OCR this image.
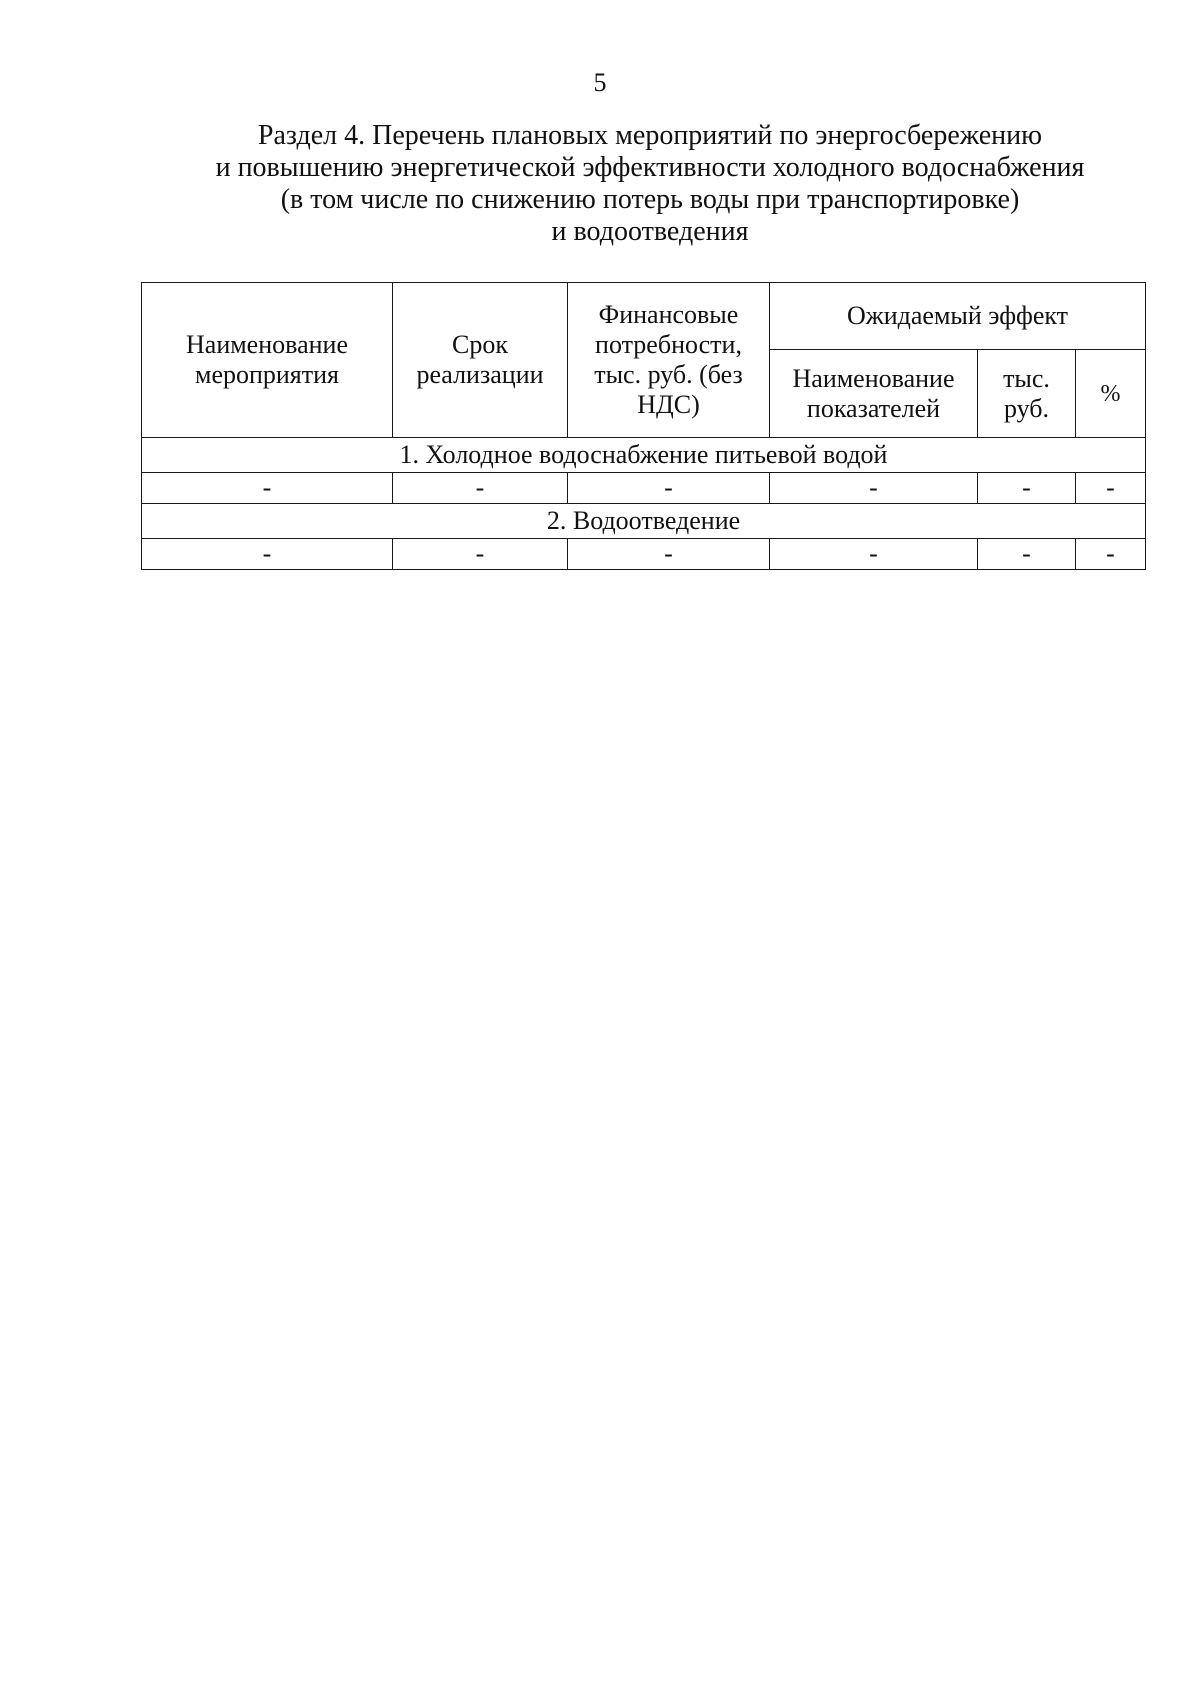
5
Раздел 4. Перечень плановых мероприятий по энергосбережению
и повышению энергетической эффективности холодного водоснабжения
(в том числе по снижению потерь воды при транспортировке)
и водоотведения
Наименование мероприятия	Срок реализации	Финансовые потребности, тыс. руб. (без НДС)	Ожидаемый эффект		
			Наименование показателей	тыс. руб.	%
1. Холодное водоснабжение питьевой водой					
-	-	-	-	-	-
2. Водоотведение					
-	-	-	-	-	-
